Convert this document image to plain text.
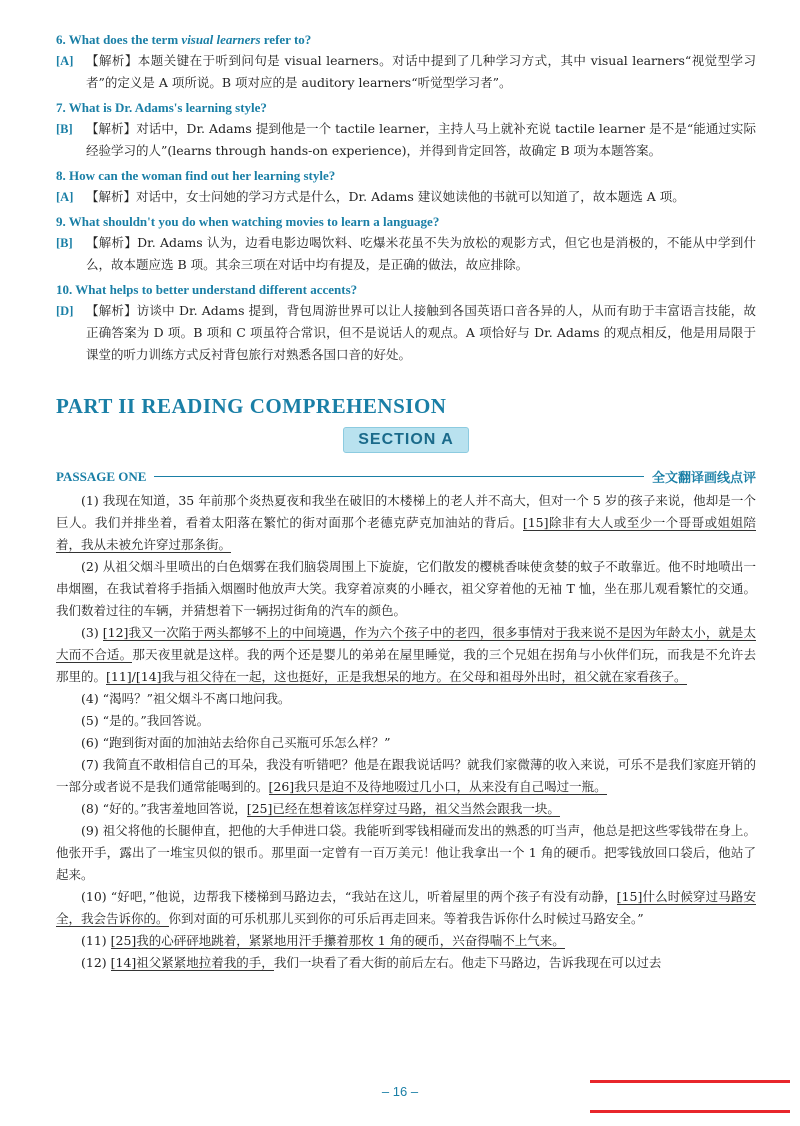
6. What does the term visual learners refer to?
[A]	【解析】本题关键在于听到问句是 visual learners。对话中提到了几种学习方式，其中 visual learners“视觉型学习者”的定义是 A 项所说。B 项对应的是 auditory learners“听觉型学习者”。
7. What is Dr. Adams's learning style?
[B]	【解析】对话中，Dr. Adams 提到他是一个 tactile learner，主持人马上就补充说 tactile learner 是不是“能通过实际经验学习的人”(learns through hands-on experience)，并得到肯定回答，故确定 B 项为本题答案。
8. How can the woman find out her learning style?
[A]	【解析】对话中，女士问她的学习方式是什么，Dr. Adams 建议她读他的书就可以知道了，故本题选 A 项。
9. What shouldn't you do when watching movies to learn a language?
[B]	【解析】Dr. Adams 认为，边看电影边喝饮料、吃爆米花虽不失为放松的观影方式，但它也是消极的，不能从中学到什么，故本题应选 B 项。其余三项在对话中均有提及，是正确的做法，故应排除。
10. What helps to better understand different accents?
[D]	【解析】访谈中 Dr. Adams 提到，背包周游世界可以让人接触到各国英语口音各异的人，从而有助于丰富语言技能，故正确答案为 D 项。B 项和 C 项虽符合常识，但不是说话人的观点。A 项恰好与 Dr. Adams 的观点相反，他是用局限于课堂的听力训练方式反衬背包旅行对熟悉各国口音的好处。
PART II READING COMPREHENSION
SECTION A
PASSAGE ONE	全文翻译画线点评

(1) 我现在知道，35 年前那个炎热夏夜和我坐在破旧的木楼梯上的老人并不高大，但对一个 5 岁的孩子来说，他却是一个巨人。我们并排坐着，看着太阳落在繁忙的街对面那个老德克萨克加油站的背后。[15]除非有大人或至少一个哥哥或姐姐陪着，我从未被允许穿过那条街。

(2) 从祖父烟斗里喷出的白色烟雾在我们脑袋周围上下旋旋，它们散发的樱桃香味使贪婪的蚊子不敢靠近。他不时地喷出一串烟圈，在我试着将手指插入烟圈时他放声大笑。我穿着凉爽的小睡衣，祖父穿着他的无袖 T 恤，坐在那儿观看繁忙的交通。我们数着过往的车辆，并猜想着下一辆拐过街角的汽车的颜色。

(3) [12]我又一次陷于两头都够不上的中间境遇，作为六个孩子中的老四，很多事情对于我来说不是因为年龄太小，就是太大而不合适。那天夜里就是这样。我的两个还是婴儿的弟弟在屋里睡觉，我的三个兄姐在拐角与小伙伴们玩，而我是不允许去那里的。[11]/[14]我与祖父待在一起，这也挺好，正是我想呆的地方。在父母和祖母外出时，祖父就在家看孩子。

(4) “渴吗？”祖父烟斗不离口地问我。

(5) “是的。”我回答说。

(6) “跑到街对面的加油站去给你自己买瓶可乐怎么样？”

(7) 我简直不敢相信自己的耳朵，我没有听错吧？他是在跟我说话吗？就我们家微薄的收入来说，可乐不是我们家庭开销的一部分或者说不是我们通常能喝到的。[26]我只是迫不及待地啜过几小口，从来没有自己喝过一瓶。

(8) “好的。”我害羞地回答说，[25]已经在想着该怎样穿过马路，祖父当然会跟我一块。

(9) 祖父将他的长腿伸直，把他的大手伸进口袋。我能听到零钱相碰而发出的熟悉的叮当声，他总是把这些零钱带在身上。他张开手，露出了一堆宝贝似的银币。那里面一定曾有一百万美元！他让我拿出一个 1 角的硬币。把零钱放回口袋后，他站了起来。

(10) “好吧，”他说，边帮我下楼梯到马路边去，“我站在这儿，听着屋里的两个孩子有没有动静，[15]什么时候穿过马路安全，我会告诉你的。你到对面的可乐机那儿买到你的可乐后再走回来。等着我告诉你什么时候过马路安全。”

(11) [25]我的心砰砰地跳着，紧紧地用汗手攥着那枚 1 角的硬币，兴奋得喘不上气来。

(12) [14]祖父紧紧地拉着我的手，我们一块看了看大街的前后左右。他走下马路边，告诉我现在可以过去

– 16 –
